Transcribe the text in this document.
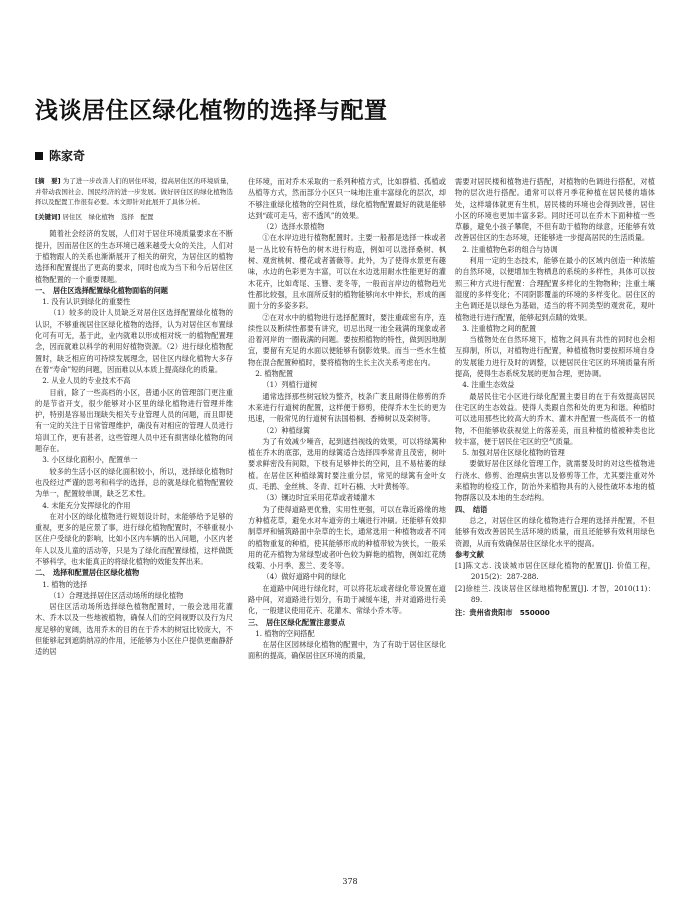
浅谈居住区绿化植物的选择与配置
陈家奇

[摘　要] 为了进一步改善人们的居住环境，提高居住区的环境质量，并带动我国社会、国民经济的进一步发展。做好居住区的绿化植物选择以及配置工作很有必要。本文即针对此展开了具体分析。

[关键词] 居住区　绿化植物　选择　配置

随着社会经济的发展，人们对于居住环境质量要求在不断提升，因而居住区的生态环境已越来越受大众的关注，人们对于植物跟人的关系也渐渐展开了相关的研究，为居住区的植物选择和配置提出了更高的要求，同时也成为当下和今后居住区植物配置的一个重要课题。

一、　居住区选择配置绿化植物面临的问题

1. 没有认识到绿化的重要性

（1）较多的设计人员缺乏对居住区选择配置绿化植物的认识，不够重视居住区绿化植物的选择，认为对居住区布置绿化可有可无，基于此，业内就难以形成相对统一的植物配置理念，因而就难以科学的利用好植物资源。（2）进行绿化植物配置时，缺乏相应的可持续发展理念，居住区内绿化植物大多存在着“寿命”短的问题，因而难以从本质上提高绿化的质量。

2. 从业人员的专业技术不高

目前，除了一些高档的小区，普通小区的管理部门更注重的是节省开支，很少能够对小区里的绿化植物进行管理并维护，特别是容易出现缺失相关专业管理人员的问题，而且即使有一定的关注于日常管理维护，确没有对相应的管理人员进行培训工作，更有甚者，这些管理人员中还有损害绿化植物的问题存在。

3. 小区绿化面积小，配置单一

较多的生活小区的绿化面积较小，所以，选择绿化植物时也没经过严谨的思考和科学的选择，总的就是绿化植物配置较为单一，配置较单调，缺乏艺术性。

4. 未能充分发挥绿化的作用

在对小区的绿化植物进行规划设计时，未能够给予足够的重视，更多的是应景了事，进行绿化植物配置时，不够重视小区住户受绿化的影响，比如小区内车辆的出入问题，小区内老年人以及儿童的活动等，只是为了绿化而配置绿植，这样做既不够科学，也未能真正的将绿化植物的效能发挥出来。

二、　选择和配置居住区绿化植物

1. 植物的选择

（1）合理选择居住区活动场所的绿化植物

居住区活动场所选择绿色植物配置时，一般会选用花灌木、乔木以及一些地被植物，确保人们的空间视野以及行为尺度足够的宽阔，选用乔木的目的在于乔木的树冠比较庞大，不但能够起到遮荫纳凉的作用，还能够为小区住户提供更幽静舒适的居

住环境，而对乔木采取的一系列种植方式，比如群植、孤植或丛植等方式，然而部分小区只一味地注重丰富绿化的层次，却不够注重绿化植物的空间性质，绿化植物配置最好的就是能够达到“疏可走马，密不透风”的效果。

（2）选择水景植物

①在水岸边进行植物配置时。主要一般都是选择一株或者是一丛比较有特色的树木进行构造，例如可以选择桑树、枫树、观赏桃树、樱花或者蔷薇等。此外，为了使得水景更有趣味，水边的色彩更为丰富，可以在水边选用耐水性能更好的灌木花卉，比如鸢尾、玉簪、麦冬等，一般而言岸边的植物趋光性都比较强，且水面所反射的植物能够向水中伸长，形成的画面十分的多姿多彩。

②在对水中的植物进行选择配置时，要注重疏密有序，连续性以及断续性都要有讲究，切忌出现一池全栽满的现象或者沿着河岸的一圈栽满的问题。要按照植物的特性，做到因地制宜，要留有充足的水面以便能够有倒影效果。而当一些水生植物在混合配置种植时，要将植物的生长主次关系考虑在内。

2. 植物配置

（1）列植行道树

通常选择那些树冠较为整齐，枝条广袤且耐得住修剪的乔木来进行行道树的配置，这样便于修剪，使得乔木生长的更为迅速，一般常见的行道树有法国梧桐、香樟树以及栾树等。

（2）种植绿篱

为了有效减少噪音，起到遮挡视线的效果，可以将绿篱种植在乔木的底部，选用的绿篱适合选择四季常青且茂密，树叶要求鲜密没有间隙，下枝有足够伸长的空间，且不易枯萎的绿植。在居住区种植绿篱时要注重分层，常见的绿篱有金叶女贞、毛鹃、金丝桃、冬青、红叶石楠、大叶黄杨等。

（3）镶边时宜采用花草或者矮灌木

为了使得道路更优雅，实用性更强，可以在靠近路缘的地方种植花草，避免水对车道旁的土壤进行冲刷。还能够有效抑制草坪和铺筑路面中杂草的生长，通常选用一种植物或者不同的植物重复的种植，使其能够形成的种植带较为狭长，一般采用的花卉植物为常绿型或者叶色较为鲜艳的植物，例如红花绣线菊、小月季、葱兰、麦冬等。

（4）做好道路中间的绿化

在道路中间进行绿化时，可以将花坛或者绿化带设置在道路中间，对道路进行划分，有助于减缓车速，并对道路进行美化，一般建议使用花卉、花灌木、常绿小乔木等。

三、　居住区绿化配置注意要点

1. 植物的空间搭配

在居住区园林绿化植物的配置中，为了有助于居住区绿化面积的提高，确保居住区环境的质量，

需要对居民楼和植物进行搭配，对植物的色调进行搭配，对植物的层次进行搭配。通常可以将月季花种植在居民楼的墙体处，这样墙体就更有生机，居民楼的环境也会得到改善，居住小区的环境也更加丰富多彩。同时还可以在乔木下面种植一些草藤，避免小孩子攀爬，不但有助于植物的绿意，还能够有效改善居住区的生态环境，还能够进一步提高居民的生活质量。

2. 注重植物色彩的组合与协调

利用一定的生态技术，能够在最小的区域内创造一种浓缩的自然环境，以便增加生物栖息的系统的多样性，具体可以按照三种方式进行配置：合理配置多样化的生物物种；注重土壤湿度的多样变化；不同阴影覆盖的环境的多样变化。居住区的主色调还是以绿色为基础，适当的将不同类型的观赏花，观叶植物进行进行配置，能够起到点睛的效果。

3. 注重植物之间的配置

当植物处在自然环境下，植物之间具有共性的同时也会相互抑制，所以，对植物进行配置，种植植物时要按照环境自身的发展能力进行及时的调整，以便居民住宅区的环境质量有所提高，使得生态系统发展的更加合理，更协调。

4. 注重生态效益

最居民住宅小区进行绿化配置主要目的在于有效提高居民住宅区的生态效益。使得人类跟自然和处的更为和谐。种植时可以选用那些比较高大的乔木、灌木并配置一些高低不一的植物，不但能够收获视觉上的落差美，而且种植的植被种类也比较丰富，便于居民住宅区的空气质量。

5. 加强对居住区绿化植物的管理

要做好居住区绿化管理工作，就需要及时的对这些植物进行浇水、修剪、治理病虫害以及修剪等工作，尤其要注重对外来植物的检疫工作，防治外来植物具有的入侵性破坏本地的植物群落以及本地的生态结构。

四、　结语

总之，对居住区的绿化植物进行合理的选择并配置，不但能够有效改善居民生活环境的质量，而且还能够有效利用绿色资源，从而有效确保居住区绿化水平的提高。

参考文献

[1]陈文志. 浅谈城市居住区绿化植物的配置[J]. 价值工程，2015(2)：287-288.

[2]徐桂兰. 浅谈居住区绿地植物配置[J]. 才智，2010(11)：89.

注：贵州省贵阳市　550000

378
